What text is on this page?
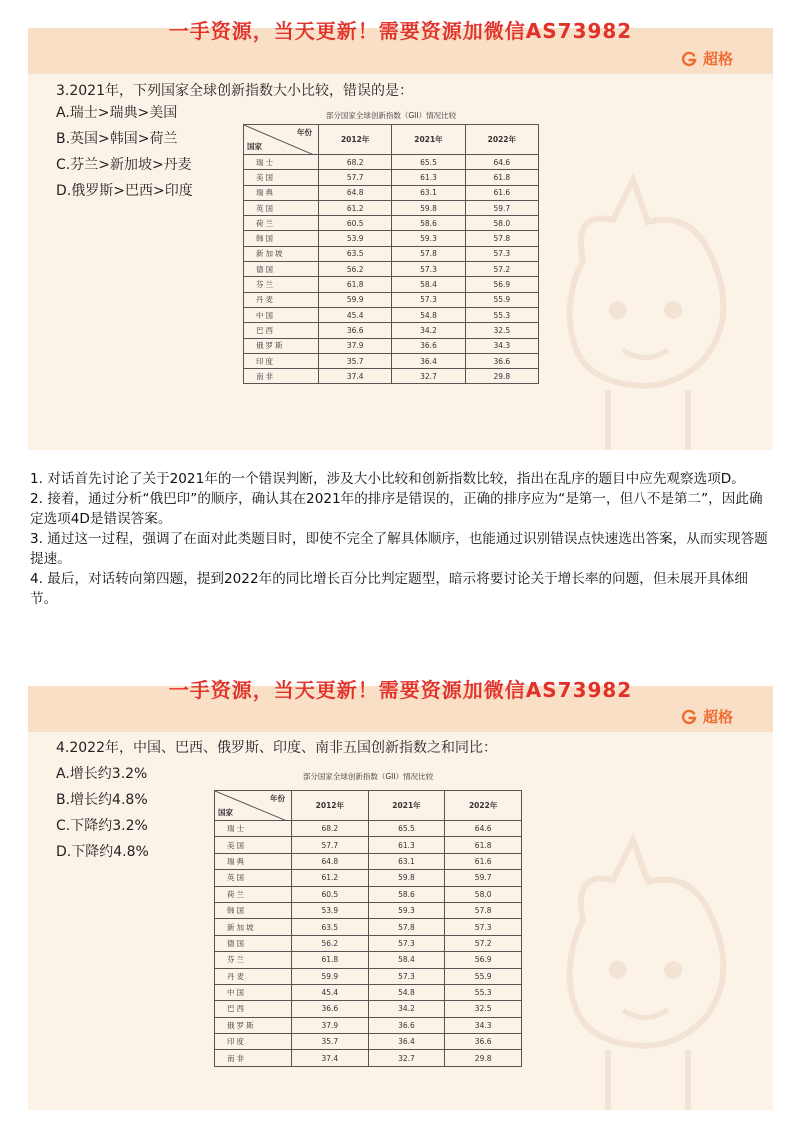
超格
3.2021年，下列国家全球创新指数大小比较，错误的是：
A.瑞士>瑞典>美国
B.英国>韩国>荷兰
C.芬兰>新加坡>丹麦
D.俄罗斯>巴西>印度
部分国家全球创新指数（GII）情况比较
年份
国家	2012年	2021年	2022年
瑞士	68.2	65.5	64.6
美国	57.7	61.3	61.8
瑞典	64.8	63.1	61.6
英国	61.2	59.8	59.7
荷兰	60.5	58.6	58.0
韩国	53.9	59.3	57.8
新加坡	63.5	57.8	57.3
德国	56.2	57.3	57.2
芬兰	61.8	58.4	56.9
丹麦	59.9	57.3	55.9
中国	45.4	54.8	55.3
巴西	36.6	34.2	32.5
俄罗斯	37.9	36.6	34.3
印度	35.7	36.4	36.6
南非	37.4	32.7	29.8
一手资源，当天更新！需要资源加微信AS73982

1. 对话首先讨论了关于2021年的一个错误判断，涉及大小比较和创新指数比较，指出在乱序的题目中应先观察选项D。

2. 接着，通过分析“俄巴印”的顺序，确认其在2021年的排序是错误的，正确的排序应为“是第一，但八不是第二”，因此确定选项4D是错误答案。

3. 通过这一过程，强调了在面对此类题目时，即使不完全了解具体顺序，也能通过识别错误点快速选出答案，从而实现答题提速。

4. 最后，对话转向第四题，提到2022年的同比增长百分比判定题型，暗示将要讨论关于增长率的问题，但未展开具体细节。

超格
4.2022年，中国、巴西、俄罗斯、印度、南非五国创新指数之和同比：
A.增长约3.2%
B.增长约4.8%
C.下降约3.2%
D.下降约4.8%
部分国家全球创新指数（GII）情况比较
年份
国家	2012年	2021年	2022年
瑞士	68.2	65.5	64.6
美国	57.7	61.3	61.8
瑞典	64.8	63.1	61.6
英国	61.2	59.8	59.7
荷兰	60.5	58.6	58.0
韩国	53.9	59.3	57.8
新加坡	63.5	57.8	57.3
德国	56.2	57.3	57.2
芬兰	61.8	58.4	56.9
丹麦	59.9	57.3	55.9
中国	45.4	54.8	55.3
巴西	36.6	34.2	32.5
俄罗斯	37.9	36.6	34.3
印度	35.7	36.4	36.6
南非	37.4	32.7	29.8
一手资源，当天更新！需要资源加微信AS73982
